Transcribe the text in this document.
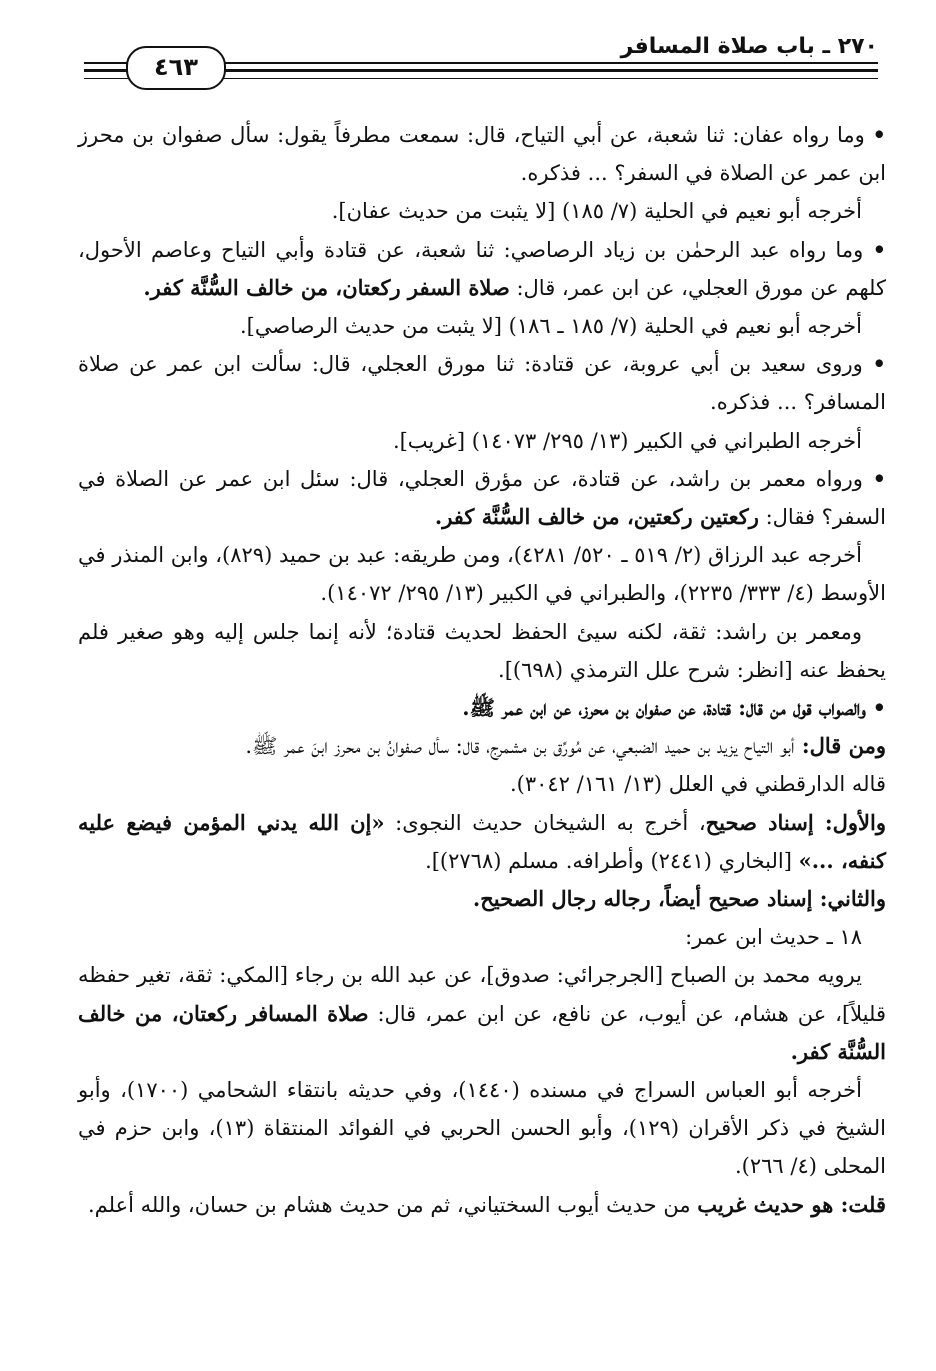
٤٦٣
٢٧٠ ـ باب صلاة المسافر

• وما رواه عفان: ثنا شعبة، عن أبي التياح، قال: سمعت مطرفاً يقول: سأل صفوان بن محرز ابن عمر عن الصلاة في السفر؟ ... فذكره.

أخرجه أبو نعيم في الحلية (٧/ ١٨٥) [لا يثبت من حديث عفان].

• وما رواه عبد الرحمٰن بن زياد الرصاصي: ثنا شعبة، عن قتادة وأبي التياح وعاصم الأحول، كلهم عن مورق العجلي، عن ابن عمر، قال: صلاة السفر ركعتان، من خالف السُّنَّة كفر.

أخرجه أبو نعيم في الحلية (٧/ ١٨٥ ـ ١٨٦) [لا يثبت من حديث الرصاصي].

• وروى سعيد بن أبي عروبة، عن قتادة: ثنا مورق العجلي، قال: سألت ابن عمر عن صلاة المسافر؟ ... فذكره.

أخرجه الطبراني في الكبير (١٣/ ٢٩٥/ ١٤٠٧٣) [غريب].

• ورواه معمر بن راشد، عن قتادة، عن مؤرق العجلي، قال: سئل ابن عمر عن الصلاة في السفر؟ فقال: ركعتين ركعتين، من خالف السُّنَّة كفر.

أخرجه عبد الرزاق (٢/ ٥١٩ ـ ٥٢٠/ ٤٢٨١)، ومن طريقه: عبد بن حميد (٨٢٩)، وابن المنذر في الأوسط (٤/ ٣٣٣/ ٢٢٣٥)، والطبراني في الكبير (١٣/ ٢٩٥/ ١٤٠٧٢).

ومعمر بن راشد: ثقة، لكنه سيئ الحفظ لحديث قتادة؛ لأنه إنما جلس إليه وهو صغير فلم يحفظ عنه [انظر: شرح علل الترمذي (٦٩٨)].

• والصواب قول من قال: قتادة، عن صفوان بن محرز، عن ابن عمر ﷺ.

ومن قال: أبو التياح يزيد بن حميد الضبعي، عن مُورِّق بن مشمرج، قال: سأل صفوانُ بن محرز ابنَ عمر ﷺ.

قاله الدارقطني في العلل (١٣/ ١٦١/ ٣٠٤٢).

والأول: إسناد صحيح، أخرج به الشيخان حديث النجوى: «إن الله يدني المؤمن فيضع عليه كنفه، ...» [البخاري (٢٤٤١) وأطرافه. مسلم (٢٧٦٨)].

والثاني: إسناد صحيح أيضاً، رجاله رجال الصحيح.

١٨ ـ حديث ابن عمر:

يرويه محمد بن الصباح [الجرجرائي: صدوق]، عن عبد الله بن رجاء [المكي: ثقة، تغير حفظه قليلاً]، عن هشام، عن أيوب، عن نافع، عن ابن عمر، قال: صلاة المسافر ركعتان، من خالف السُّنَّة كفر.

أخرجه أبو العباس السراج في مسنده (١٤٤٠)، وفي حديثه بانتقاء الشحامي (١٧٠٠)، وأبو الشيخ في ذكر الأقران (١٢٩)، وأبو الحسن الحربي في الفوائد المنتقاة (١٣)، وابن حزم في المحلى (٤/ ٢٦٦).

قلت: هو حديث غريب من حديث أيوب السختياني، ثم من حديث هشام بن حسان، والله أعلم.
